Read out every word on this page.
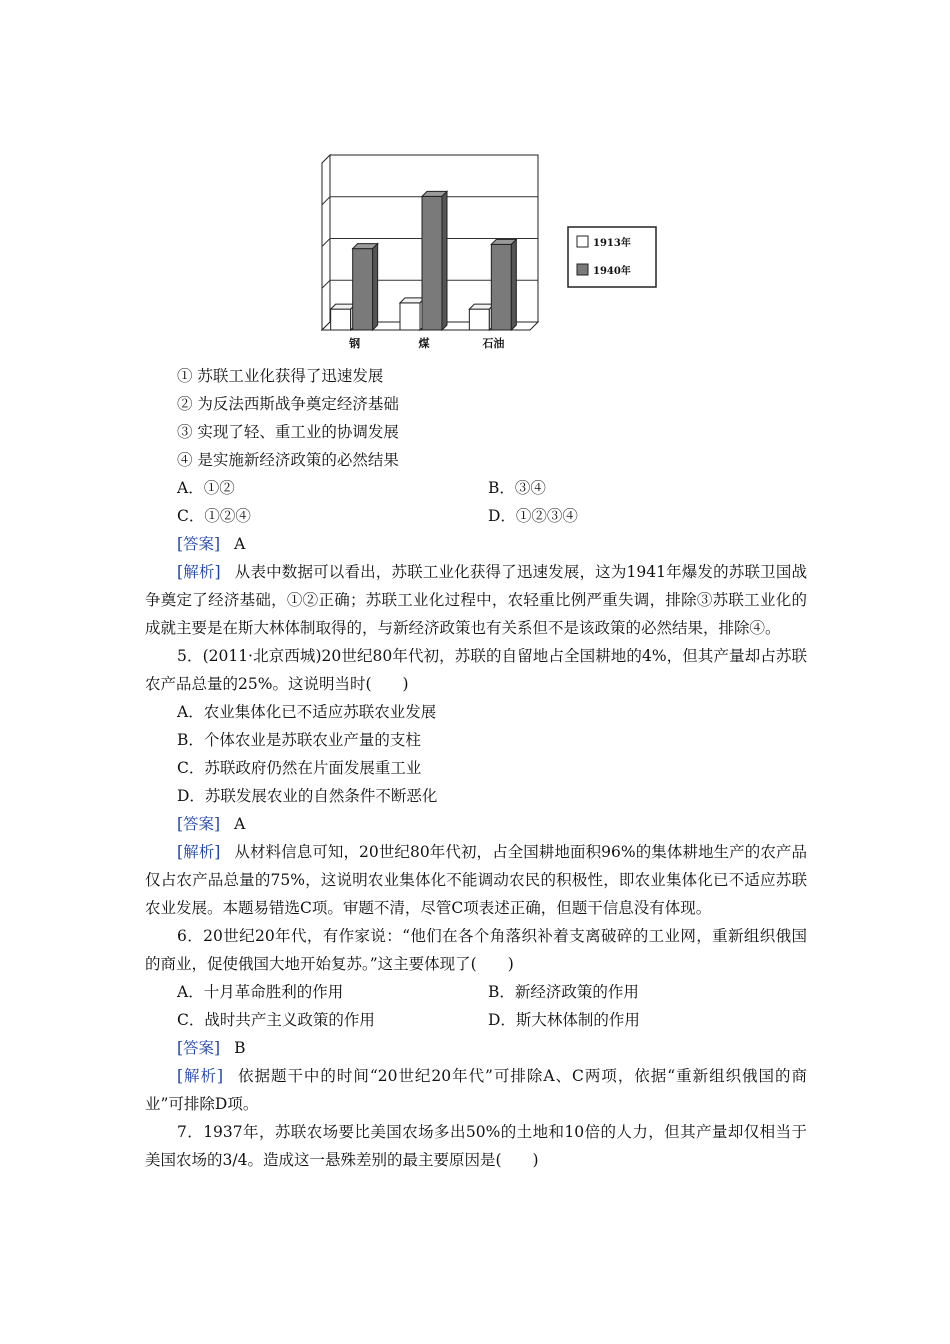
钢	煤	石油
1913年
1940年

① 苏联工业化获得了迅速发展

② 为反法西斯战争奠定经济基础

③ 实现了轻、重工业的协调发展

④ 是实施新经济政策的必然结果

A．①②	B．③④
C．①②④	D．①②③④

[答案] A

[解析] 从表中数据可以看出，苏联工业化获得了迅速发展，这为1941年爆发的苏联卫国战争奠定了经济基础，①②正确；苏联工业化过程中，农轻重比例严重失调，排除③苏联工业化的成就主要是在斯大林体制取得的，与新经济政策也有关系但不是该政策的必然结果，排除④。

5．(2011·北京西城)20世纪80年代初，苏联的自留地占全国耕地的4%，但其产量却占苏联农产品总量的25%。这说明当时(　　)

A．农业集体化已不适应苏联农业发展

B．个体农业是苏联农业产量的支柱

C．苏联政府仍然在片面发展重工业

D．苏联发展农业的自然条件不断恶化

[答案] A

[解析] 从材料信息可知，20世纪80年代初，占全国耕地面积96%的集体耕地生产的农产品仅占农产品总量的75%，这说明农业集体化不能调动农民的积极性，即农业集体化已不适应苏联农业发展。本题易错选C项。审题不清，尽管C项表述正确，但题干信息没有体现。

6．20世纪20年代，有作家说：“他们在各个角落织补着支离破碎的工业网，重新组织俄国的商业，促使俄国大地开始复苏。”这主要体现了(　　)

A．十月革命胜利的作用	B．新经济政策的作用
C．战时共产主义政策的作用	D．斯大林体制的作用

[答案] B

[解析] 依据题干中的时间“20世纪20年代”可排除A、C两项，依据“重新组织俄国的商业”可排除D项。

7．1937年，苏联农场要比美国农场多出50%的土地和10倍的人力，但其产量却仅相当于美国农场的3/4。造成这一悬殊差别的最主要原因是(　　)
